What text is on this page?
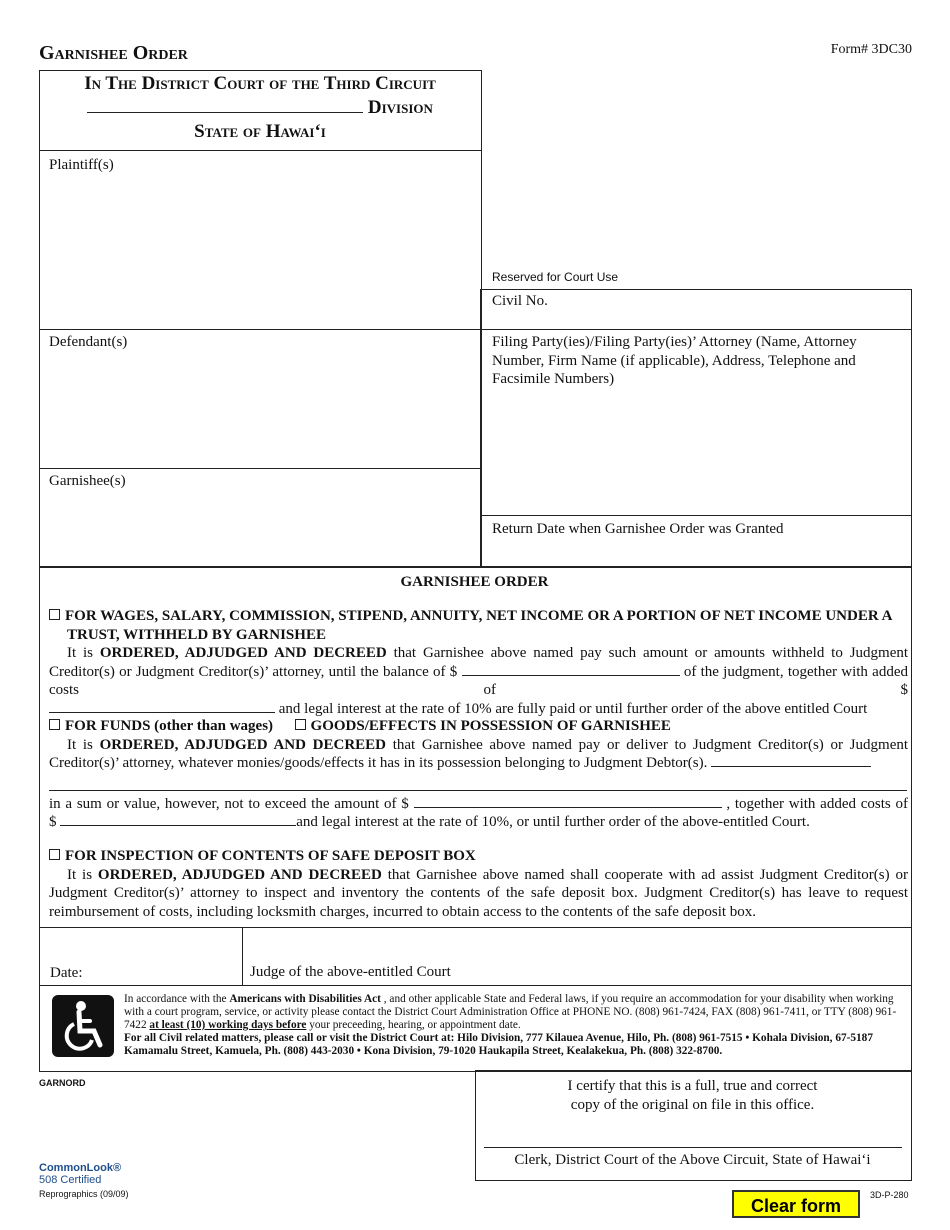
Garnishee Order	Form# 3DC30
In The District Court of the Third Circuit
Division
State of Hawai‘i
Plaintiff(s)
Defendant(s)
Garnishee(s)
Reserved for Court Use
Civil No.
Filing Party(ies)/Filing Party(ies)’ Attorney (Name, Attorney Number, Firm Name (if applicable), Address, Telephone and Facsimile Numbers)
Return Date when Garnishee Order was Granted
GARNISHEE ORDER
FOR WAGES, SALARY, COMMISSION, STIPEND, ANNUITY, NET INCOME OR A PORTION OF NET INCOME UNDER A TRUST, WITHHELD BY GARNISHEE
It is ORDERED, ADJUDGED AND DECREED that Garnishee above named pay such amount or amounts withheld to Judgment Creditor(s) or Judgment Creditor(s)’ attorney, until the balance of $	of the judgment, together with added costs of $
and legal interest at the rate of 10% are fully paid or until further order of the above entitled Court
FOR FUNDS (other than wages)	GOODS/EFFECTS IN POSSESSION OF GARNISHEE
It is ORDERED, ADJUDGED AND DECREED that Garnishee above named pay or deliver to Judgment Creditor(s) or Judgment Creditor(s)’ attorney, whatever monies/goods/effects it has in its possession belonging to Judgment Debtor(s).
in a sum or value, however, not to exceed the amount of $	, together with added costs of
$	and legal interest at the rate of 10%, or until further order of the above-entitled Court.
FOR INSPECTION OF CONTENTS OF SAFE DEPOSIT BOX
It is ORDERED, ADJUDGED AND DECREED that Garnishee above named shall cooperate with ad assist Judgment Creditor(s) or Judgment Creditor(s)’ attorney to inspect and inventory the contents of the safe deposit box. Judgment Creditor(s) has leave to request reimbursement of costs, including locksmith charges, incurred to obtain access to the contents of the safe deposit box.
Date:	Judge of the above-entitled Court
In accordance with the Americans with Disabilities Act , and other applicable State and Federal laws, if you require an accommodation for your disability when working with a court program, service, or activity please contact the District Court Administration Office at PHONE NO. (808) 961-7424, FAX (808) 961-7411, or TTY (808) 961-7422 at least (10) working days before your preceeding, hearing, or appointment date.
For all Civil related matters, please call or visit the District Court at: Hilo Division, 777 Kilauea Avenue, Hilo, Ph. (808) 961-7515 • Kohala Division, 67-5187 Kamamalu Street, Kamuela, Ph. (808) 443-2030 • Kona Division, 79-1020 Haukapila Street, Kealakekua, Ph. (808) 322-8700.
GARNORD	I certify that this is a full, true and correct
copy of the original on file in this office.
Clerk, District Court of the Above Circuit, State of Hawai‘i
CommonLook®
508 Certified
Reprographics (09/09)	3D-P-280
Clear form
